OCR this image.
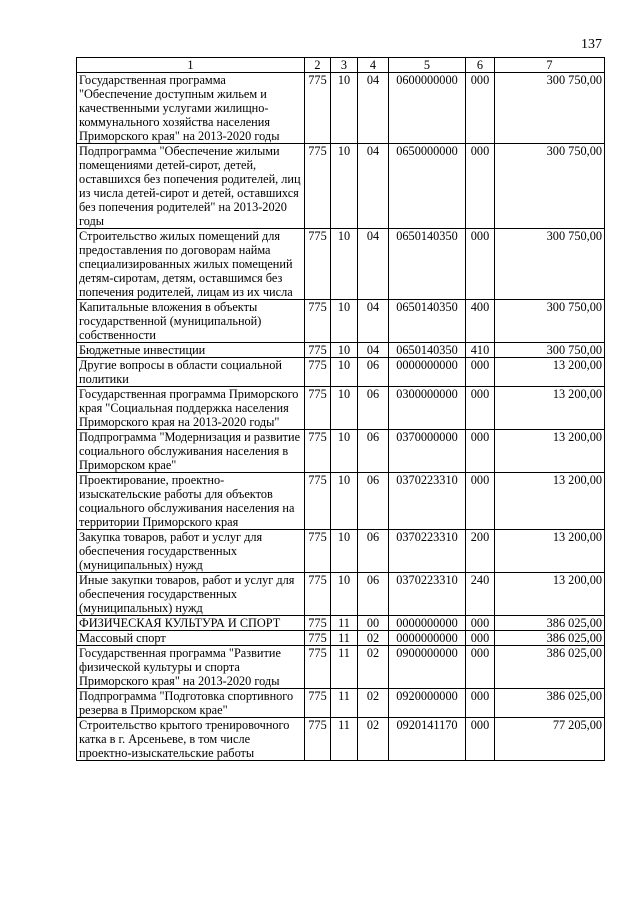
137
1	2	3	4	5	6	7
Государственная программа "Обеспечение доступным жильем и качественными услугами жилищно-коммунального хозяйства населения Приморского края" на 2013-2020 годы	775	10	04	0600000000	000	300 750,00
Подпрограмма "Обеспечение жилыми помещениями детей-сирот, детей, оставшихся без попечения родителей, лиц из числа детей-сирот и детей, оставшихся без попечения родителей" на 2013-2020 годы	775	10	04	0650000000	000	300 750,00
Строительство жилых помещений для предоставления по договорам найма специализированных жилых помещений детям-сиротам, детям, оставшимся без попечения родителей, лицам из их числа	775	10	04	0650140350	000	300 750,00
Капитальные вложения в объекты государственной (муниципальной) собственности	775	10	04	0650140350	400	300 750,00
Бюджетные инвестиции	775	10	04	0650140350	410	300 750,00
Другие вопросы в области социальной политики	775	10	06	0000000000	000	13 200,00
Государственная программа Приморского края "Социальная поддержка населения Приморского края на 2013-2020 годы"	775	10	06	0300000000	000	13 200,00
Подпрограмма "Модернизация и развитие социального обслуживания населения в Приморском крае"	775	10	06	0370000000	000	13 200,00
Проектирование, проектно-изыскательские работы для объектов социального обслуживания населения на территории Приморского края	775	10	06	0370223310	000	13 200,00
Закупка товаров, работ и услуг для обеспечения государственных (муниципальных) нужд	775	10	06	0370223310	200	13 200,00
Иные закупки товаров, работ и услуг для обеспечения государственных (муниципальных) нужд	775	10	06	0370223310	240	13 200,00
ФИЗИЧЕСКАЯ КУЛЬТУРА И СПОРТ	775	11	00	0000000000	000	386 025,00
Массовый спорт	775	11	02	0000000000	000	386 025,00
Государственная программа "Развитие физической культуры и спорта Приморского края" на 2013-2020 годы	775	11	02	0900000000	000	386 025,00
Подпрограмма "Подготовка спортивного резерва в Приморском крае"	775	11	02	0920000000	000	386 025,00
Строительство крытого тренировочного катка в г. Арсеньеве, в том числе проектно-изыскательские работы	775	11	02	0920141170	000	77 205,00
